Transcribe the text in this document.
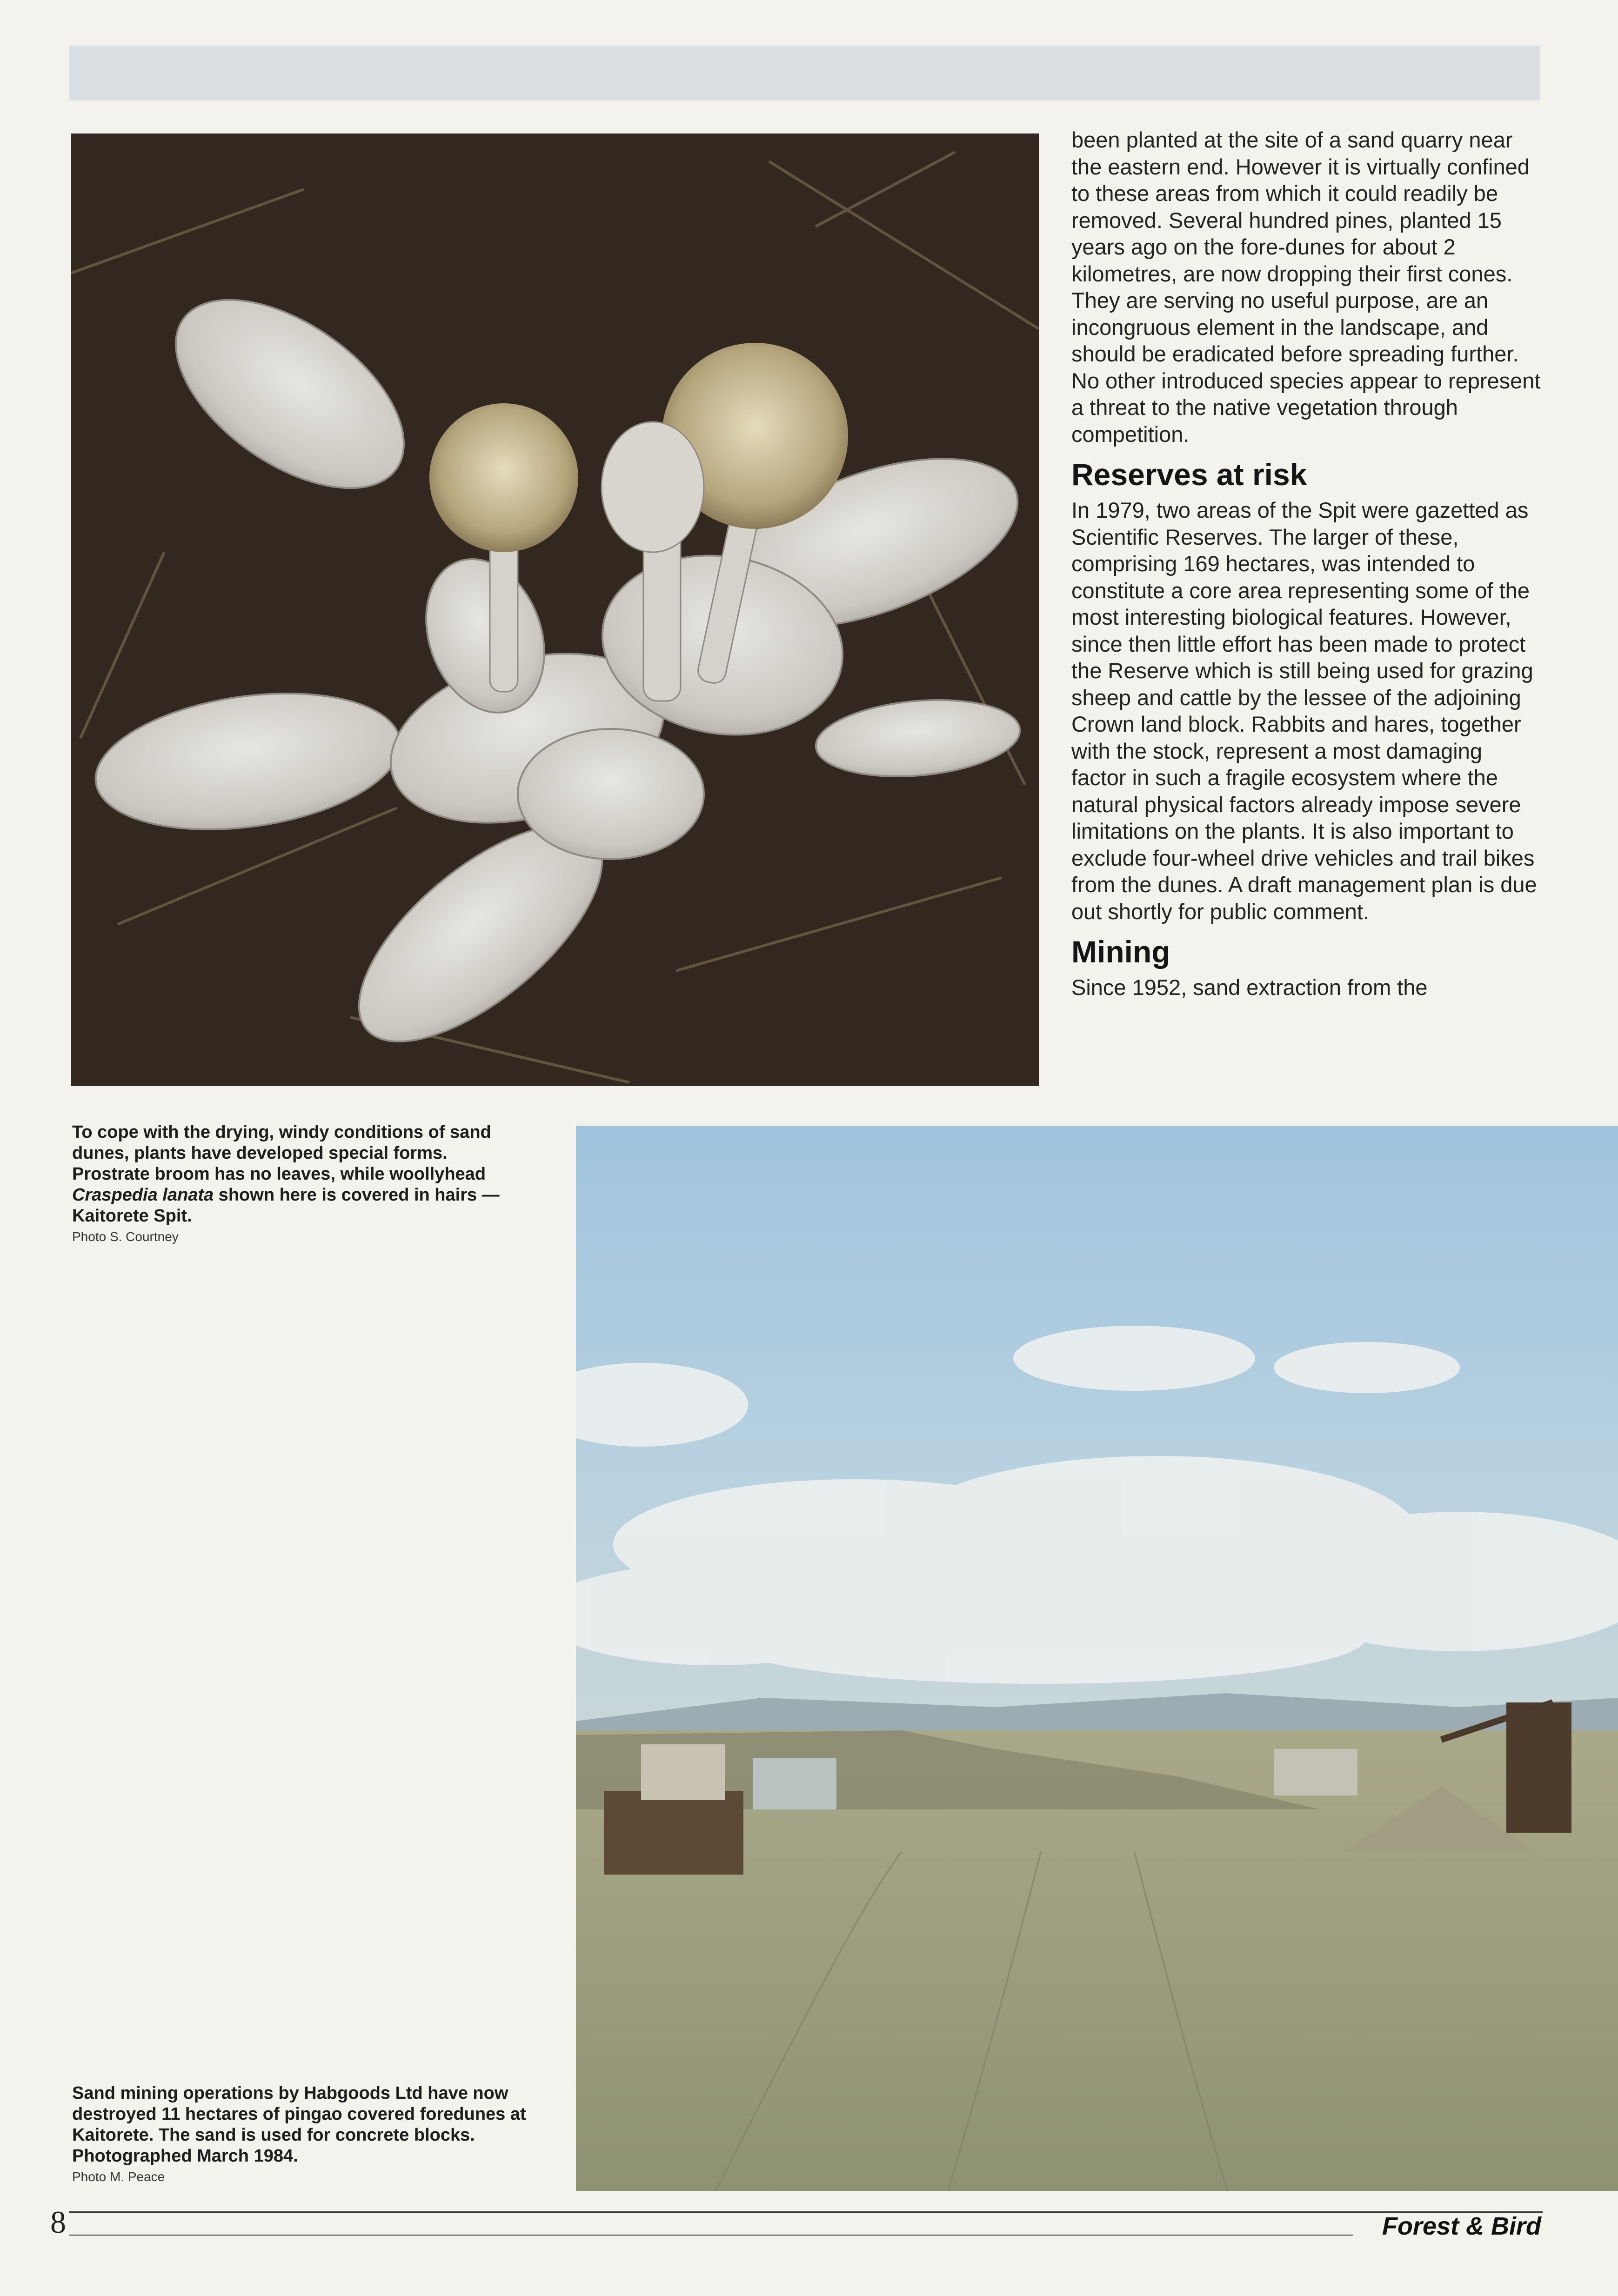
been planted at the site of a sand quarry near the eastern end. However it is virtually confined to these areas from which it could readily be removed. Several hundred pines, planted 15 years ago on the fore-dunes for about 2 kilometres, are now dropping their first cones. They are serving no useful purpose, are an incongruous element in the landscape, and should be eradicated before spreading further. No other introduced species appear to represent a threat to the native vegetation through competition.

Reserves at risk

In 1979, two areas of the Spit were gazetted as Scientific Reserves. The larger of these, comprising 169 hectares, was intended to constitute a core area representing some of the most interesting biological features. However, since then little effort has been made to protect the Reserve which is still being used for grazing sheep and cattle by the lessee of the adjoining Crown land block. Rabbits and hares, together with the stock, represent a most damaging factor in such a fragile ecosystem where the natural physical factors already impose severe limitations on the plants. It is also important to exclude four-wheel drive vehicles and trail bikes from the dunes. A draft management plan is due out shortly for public comment.

Mining

Since 1952, sand extraction from the

To cope with the drying, windy conditions of sand dunes, plants have developed special forms. Prostrate broom has no leaves, while woollyhead Craspedia lanata shown here is covered in hairs — Kaitorete Spit.
Photo S. Courtney
Sand mining operations by Habgoods Ltd have now destroyed 11 hectares of pingao covered foredunes at Kaitorete. The sand is used for concrete blocks. Photographed March 1984.
Photo M. Peace
8	Forest & Bird
